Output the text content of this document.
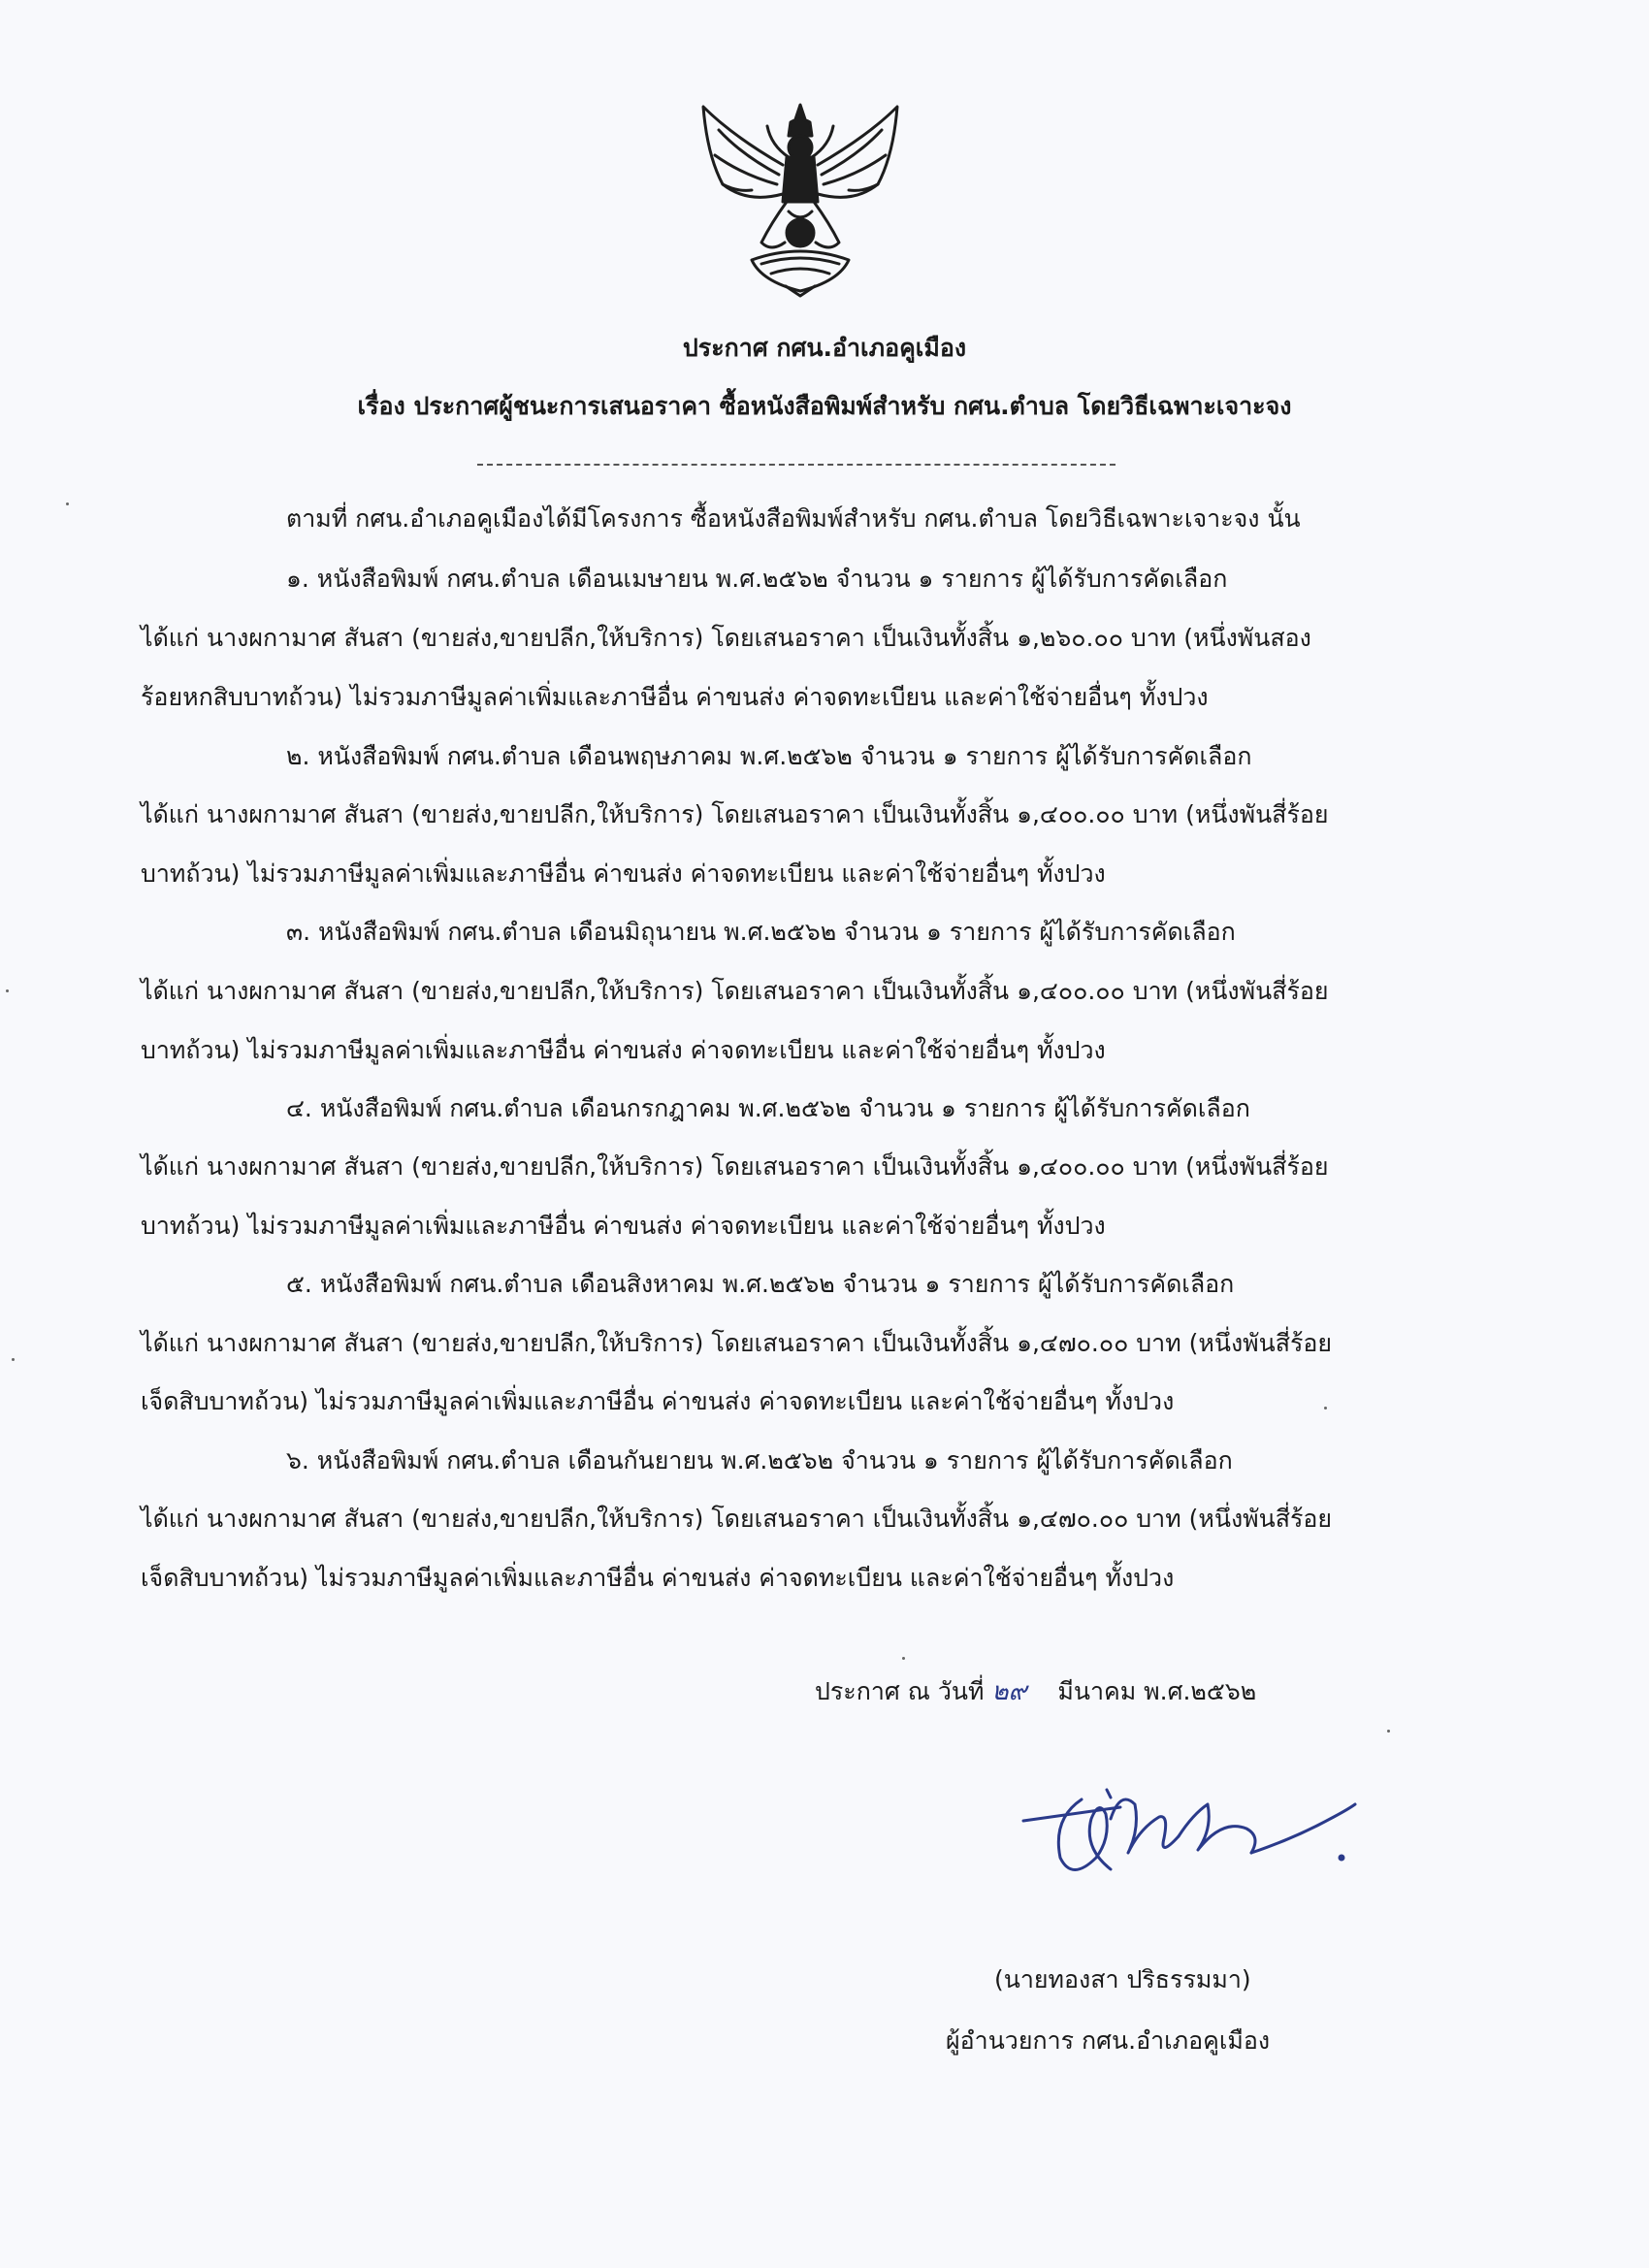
ประกาศ กศน.อำเภอคูเมือง
เรื่อง ประกาศผู้ชนะการเสนอราคา ซื้อหนังสือพิมพ์สำหรับ กศน.ตำบล โดยวิธีเฉพาะเจาะจง
ตามที่ กศน.อำเภอคูเมืองได้มีโครงการ ซื้อหนังสือพิมพ์สำหรับ กศน.ตำบล โดยวิธีเฉพาะเจาะจง นั้น
๑. หนังสือพิมพ์ กศน.ตำบล เดือนเมษายน พ.ศ.๒๕๖๒ จำนวน ๑ รายการ ผู้ได้รับการคัดเลือก
ได้แก่ นางผกามาศ สันสา (ขายส่ง,ขายปลีก,ให้บริการ) โดยเสนอราคา เป็นเงินทั้งสิ้น ๑,๒๖๐.๐๐ บาท (หนึ่งพันสอง
ร้อยหกสิบบาทถ้วน) ไม่รวมภาษีมูลค่าเพิ่มและภาษีอื่น ค่าขนส่ง ค่าจดทะเบียน และค่าใช้จ่ายอื่นๆ ทั้งปวง
๒. หนังสือพิมพ์ กศน.ตำบล เดือนพฤษภาคม พ.ศ.๒๕๖๒ จำนวน ๑ รายการ ผู้ได้รับการคัดเลือก
ได้แก่ นางผกามาศ สันสา (ขายส่ง,ขายปลีก,ให้บริการ) โดยเสนอราคา เป็นเงินทั้งสิ้น ๑,๔๐๐.๐๐ บาท (หนึ่งพันสี่ร้อย
บาทถ้วน) ไม่รวมภาษีมูลค่าเพิ่มและภาษีอื่น ค่าขนส่ง ค่าจดทะเบียน และค่าใช้จ่ายอื่นๆ ทั้งปวง
๓. หนังสือพิมพ์ กศน.ตำบล เดือนมิถุนายน พ.ศ.๒๕๖๒ จำนวน ๑ รายการ ผู้ได้รับการคัดเลือก
ได้แก่ นางผกามาศ สันสา (ขายส่ง,ขายปลีก,ให้บริการ) โดยเสนอราคา เป็นเงินทั้งสิ้น ๑,๔๐๐.๐๐ บาท (หนึ่งพันสี่ร้อย
บาทถ้วน) ไม่รวมภาษีมูลค่าเพิ่มและภาษีอื่น ค่าขนส่ง ค่าจดทะเบียน และค่าใช้จ่ายอื่นๆ ทั้งปวง
๔. หนังสือพิมพ์ กศน.ตำบล เดือนกรกฎาคม พ.ศ.๒๕๖๒ จำนวน ๑ รายการ ผู้ได้รับการคัดเลือก
ได้แก่ นางผกามาศ สันสา (ขายส่ง,ขายปลีก,ให้บริการ) โดยเสนอราคา เป็นเงินทั้งสิ้น ๑,๔๐๐.๐๐ บาท (หนึ่งพันสี่ร้อย
บาทถ้วน) ไม่รวมภาษีมูลค่าเพิ่มและภาษีอื่น ค่าขนส่ง ค่าจดทะเบียน และค่าใช้จ่ายอื่นๆ ทั้งปวง
๕. หนังสือพิมพ์ กศน.ตำบล เดือนสิงหาคม พ.ศ.๒๕๖๒ จำนวน ๑ รายการ ผู้ได้รับการคัดเลือก
ได้แก่ นางผกามาศ สันสา (ขายส่ง,ขายปลีก,ให้บริการ) โดยเสนอราคา เป็นเงินทั้งสิ้น ๑,๔๗๐.๐๐ บาท (หนึ่งพันสี่ร้อย
เจ็ดสิบบาทถ้วน) ไม่รวมภาษีมูลค่าเพิ่มและภาษีอื่น ค่าขนส่ง ค่าจดทะเบียน และค่าใช้จ่ายอื่นๆ ทั้งปวง
๖. หนังสือพิมพ์ กศน.ตำบล เดือนกันยายน พ.ศ.๒๕๖๒ จำนวน ๑ รายการ ผู้ได้รับการคัดเลือก
ได้แก่ นางผกามาศ สันสา (ขายส่ง,ขายปลีก,ให้บริการ) โดยเสนอราคา เป็นเงินทั้งสิ้น ๑,๔๗๐.๐๐ บาท (หนึ่งพันสี่ร้อย
เจ็ดสิบบาทถ้วน) ไม่รวมภาษีมูลค่าเพิ่มและภาษีอื่น ค่าขนส่ง ค่าจดทะเบียน และค่าใช้จ่ายอื่นๆ ทั้งปวง
ประกาศ ณ วันที่ ๒๙ มีนาคม พ.ศ.๒๕๖๒
(นายทองสา ปริธรรมมา)
ผู้อำนวยการ กศน.อำเภอคูเมือง
